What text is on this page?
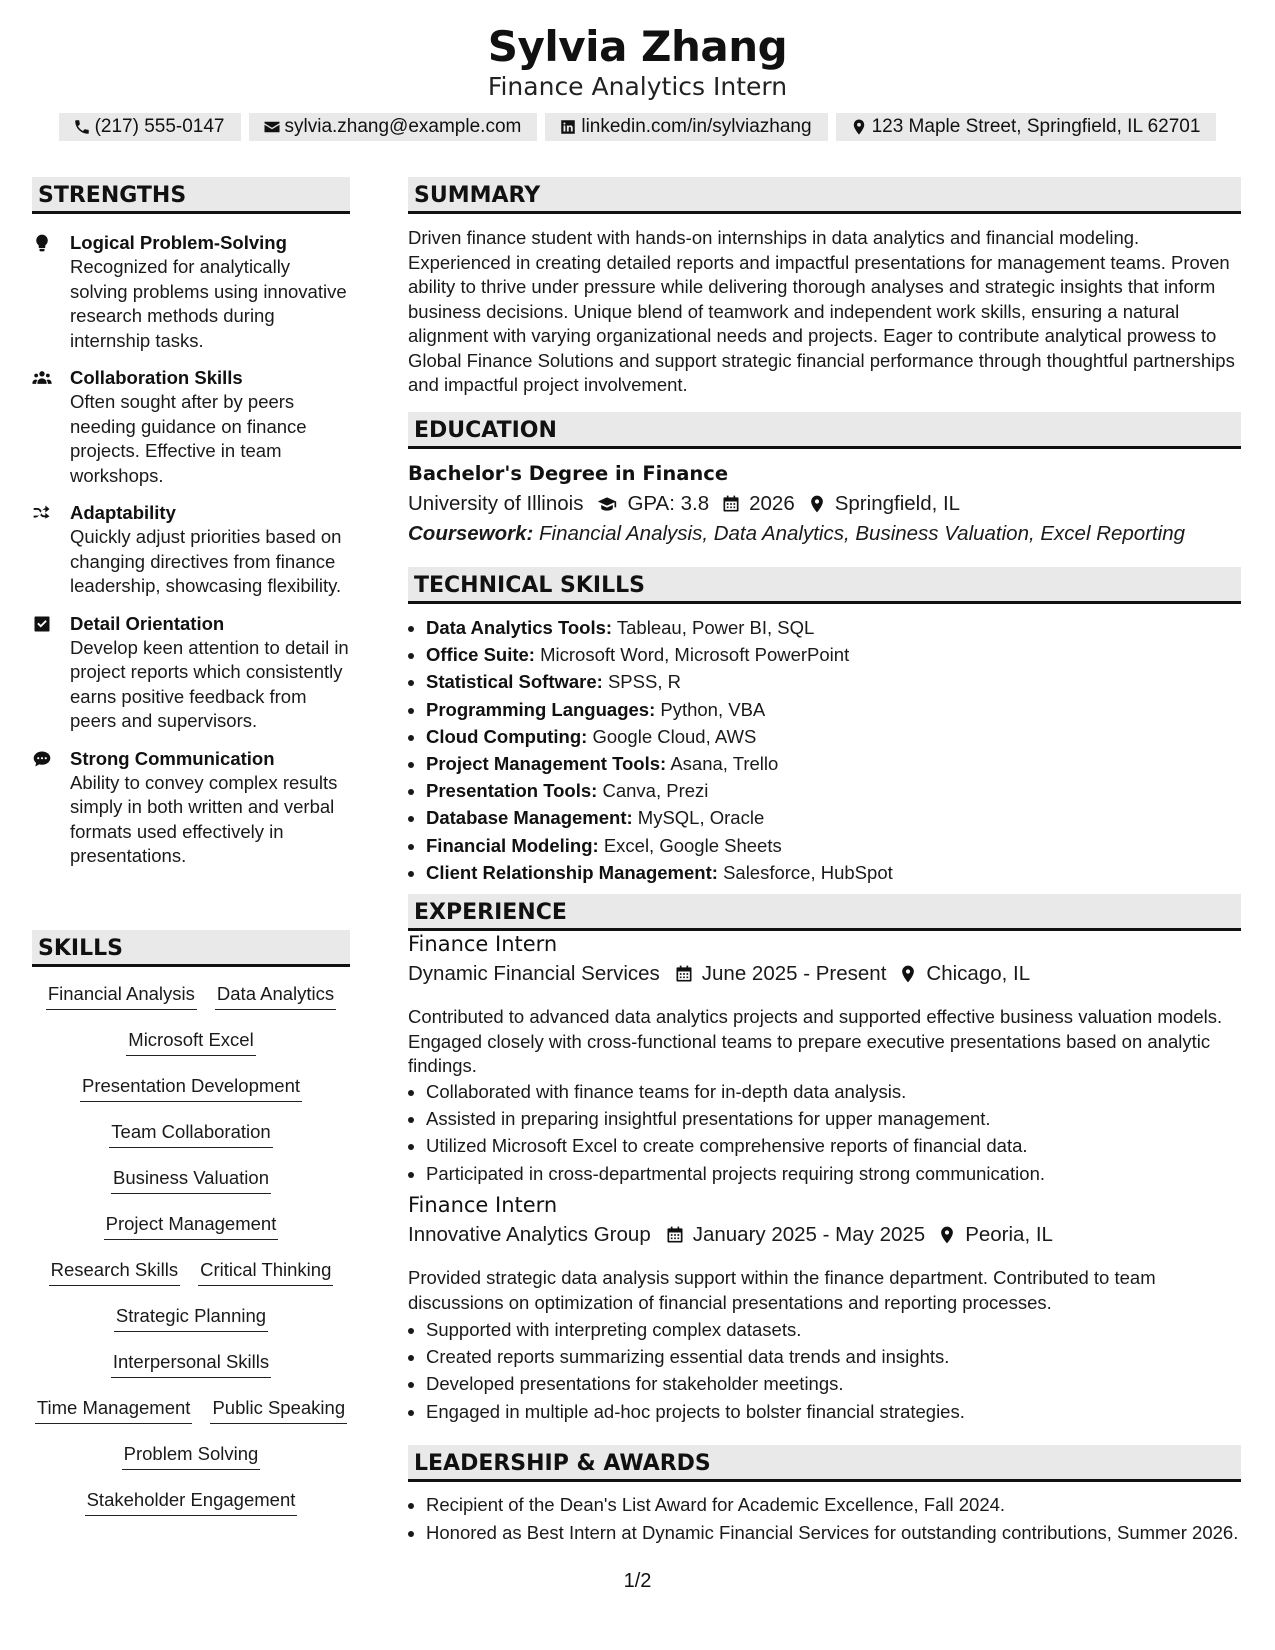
Sylvia Zhang
Finance Analytics Intern
(217) 555-0147	sylvia.zhang@example.com	linkedin.com/in/sylviazhang	123 Maple Street, Springfield, IL 62701
STRENGTHS
Logical Problem-Solving
Recognized for analytically solving problems using innovative research methods during internship tasks.
Collaboration Skills
Often sought after by peers needing guidance on finance projects. Effective in team workshops.
Adaptability
Quickly adjust priorities based on changing directives from finance leadership, showcasing flexibility.
Detail Orientation
Develop keen attention to detail in project reports which consistently earns positive feedback from peers and supervisors.
Strong Communication
Ability to convey complex results simply in both written and verbal formats used effectively in presentations.
SKILLS
Financial Analysis Data Analytics
Microsoft Excel
Presentation Development
Team Collaboration
Business Valuation
Project Management
Research Skills Critical Thinking
Strategic Planning
Interpersonal Skills
Time Management Public Speaking
Problem Solving
Stakeholder Engagement
SUMMARY
Driven finance student with hands-on internships in data analytics and financial modeling. Experienced in creating detailed reports and impactful presentations for management teams. Proven ability to thrive under pressure while delivering thorough analyses and strategic insights that inform business decisions. Unique blend of teamwork and independent work skills, ensuring a natural alignment with varying organizational needs and projects. Eager to contribute analytical prowess to Global Finance Solutions and support strategic financial performance through thoughtful partnerships and impactful project involvement.
EDUCATION
Bachelor's Degree in Finance
University of Illinois GPA: 3.8 2026 Springfield, IL
Coursework: Financial Analysis, Data Analytics, Business Valuation, Excel Reporting
TECHNICAL SKILLS
• Data Analytics Tools: Tableau, Power BI, SQL
• Office Suite: Microsoft Word, Microsoft PowerPoint
• Statistical Software: SPSS, R
• Programming Languages: Python, VBA
• Cloud Computing: Google Cloud, AWS
• Project Management Tools: Asana, Trello
• Presentation Tools: Canva, Prezi
• Database Management: MySQL, Oracle
• Financial Modeling: Excel, Google Sheets
• Client Relationship Management: Salesforce, HubSpot
EXPERIENCE
Finance Intern
Dynamic Financial Services June 2025 - Present Chicago, IL
Contributed to advanced data analytics projects and supported effective business valuation models. Engaged closely with cross-functional teams to prepare executive presentations based on analytic findings.
• Collaborated with finance teams for in-depth data analysis.
• Assisted in preparing insightful presentations for upper management.
• Utilized Microsoft Excel to create comprehensive reports of financial data.
• Participated in cross-departmental projects requiring strong communication.
Finance Intern
Innovative Analytics Group January 2025 - May 2025 Peoria, IL
Provided strategic data analysis support within the finance department. Contributed to team discussions on optimization of financial presentations and reporting processes.
• Supported with interpreting complex datasets.
• Created reports summarizing essential data trends and insights.
• Developed presentations for stakeholder meetings.
• Engaged in multiple ad-hoc projects to bolster financial strategies.
LEADERSHIP & AWARDS
• Recipient of the Dean's List Award for Academic Excellence, Fall 2024.
• Honored as Best Intern at Dynamic Financial Services for outstanding contributions, Summer 2026.
1/2
